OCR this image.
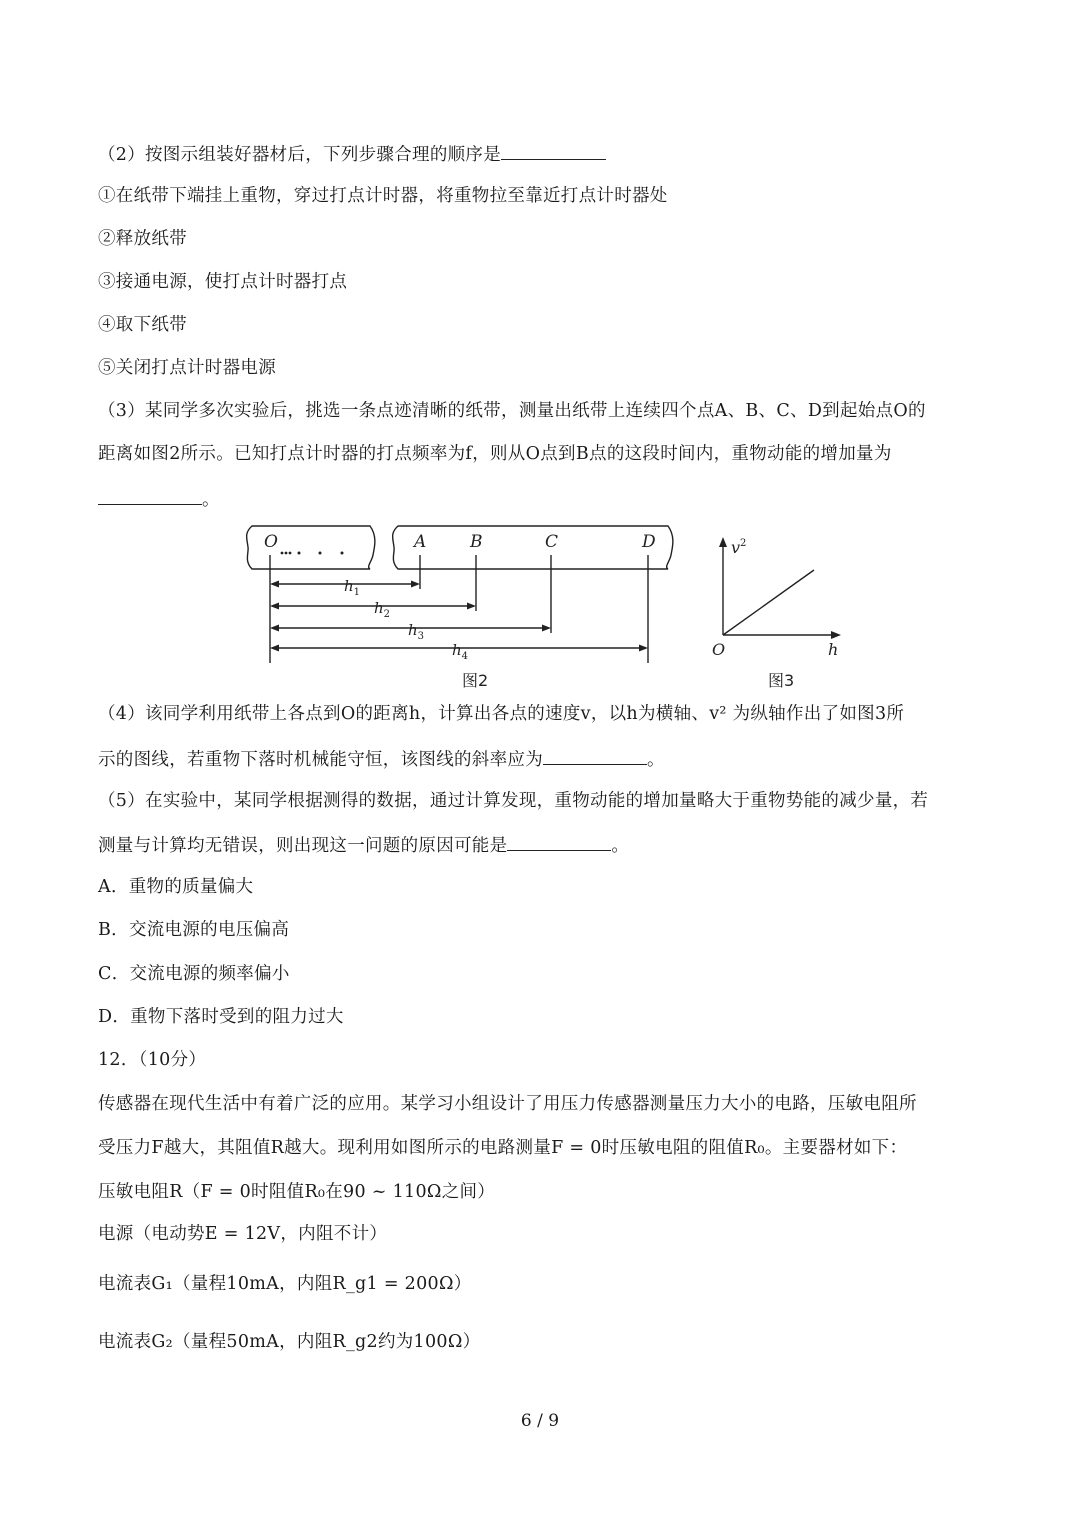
（2）按图示组装好器材后，下列步骤合理的顺序是
①在纸带下端挂上重物，穿过打点计时器，将重物拉至靠近打点计时器处
②释放纸带
③接通电源，使打点计时器打点
④取下纸带
⑤关闭打点计时器电源
（3）某同学多次实验后，挑选一条点迹清晰的纸带，测量出纸带上连续四个点A、B、C、D到起始点O的
距离如图2所示。已知打点计时器的打点频率为f，则从O点到B点的这段时间内，重物动能的增加量为
。
O	A	B	C	D
$h_1$
$h_2$
$h_3$
$h_4$
图2
$v^2$
h
O
图3
（4）该同学利用纸带上各点到O的距离h，计算出各点的速度v，以h为横轴、v² 为纵轴作出了如图3所
示的图线，若重物下落时机械能守恒，该图线的斜率应为	。
（5）在实验中，某同学根据测得的数据，通过计算发现，重物动能的增加量略大于重物势能的减少量，若
测量与计算均无错误，则出现这一问题的原因可能是	。
A．重物的质量偏大
B．交流电源的电压偏高
C．交流电源的频率偏小
D．重物下落时受到的阻力过大
12．（10分）
传感器在现代生活中有着广泛的应用。某学习小组设计了用压力传感器测量压力大小的电路，压敏电阻所
受压力F越大，其阻值R越大。现利用如图所示的电路测量F = 0时压敏电阻的阻值R₀。主要器材如下：
压敏电阻R（F = 0时阻值R₀在90 ~ 110Ω之间）
电源（电动势E = 12V，内阻不计）
电流表G₁（量程10mA，内阻R_g1 = 200Ω）
电流表G₂（量程50mA，内阻R_g2约为100Ω）
6 / 9
